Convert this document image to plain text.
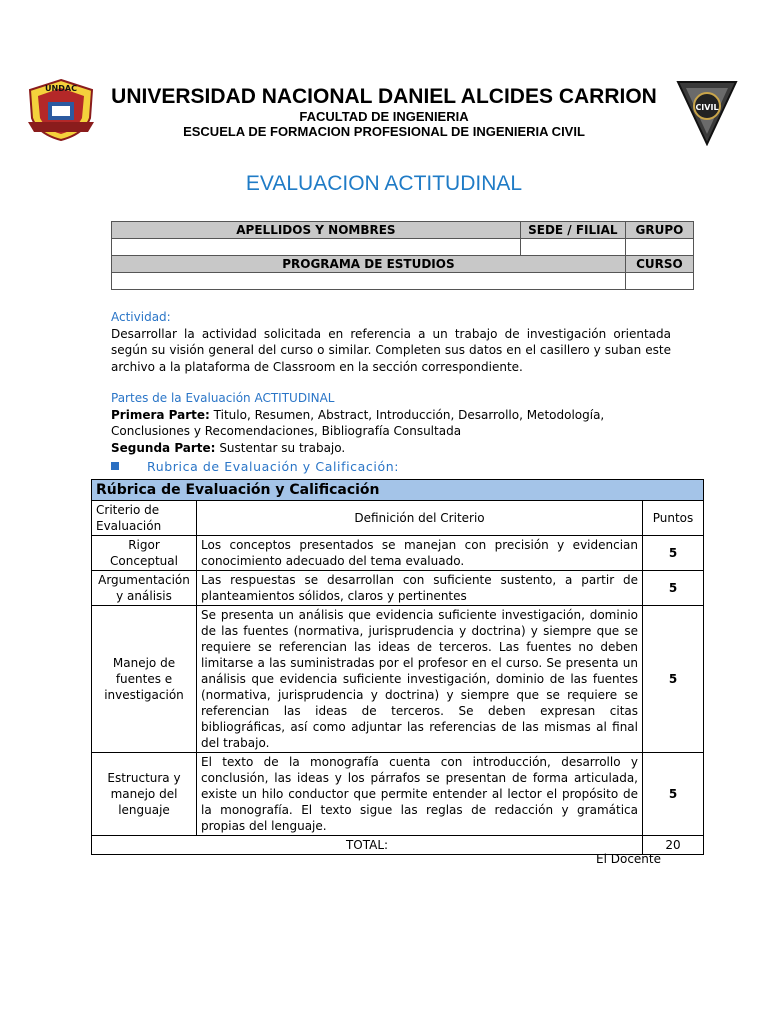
UNDAC
CIVIL
UNIVERSIDAD NACIONAL DANIEL ALCIDES CARRION
FACULTAD DE INGENIERIA
ESCUELA DE FORMACION PROFESIONAL DE INGENIERIA CIVIL
EVALUACION ACTITUDINAL
APELLIDOS Y NOMBRES	SEDE / FILIAL	GRUPO

PROGRAMA DE ESTUDIOS		CURSO

Actividad:
Desarrollar la actividad solicitada en referencia a un trabajo de investigación orientada según su visión general del curso o similar. Completen sus datos en el casillero y suban este archivo a la plataforma de Classroom en la sección correspondiente.
Partes de la Evaluación ACTITUDINAL
Primera Parte: Titulo, Resumen, Abstract, Introducción, Desarrollo, Metodología, Conclusiones y Recomendaciones, Bibliografía Consultada
Segunda Parte: Sustentar su trabajo.
Rubrica de Evaluación y Calificación:
Rúbrica de Evaluación y Calificación		
Criterio de Evaluación	Definición del Criterio	Puntos
Rigor Conceptual	Los conceptos presentados se manejan con precisión y evidencian conocimiento adecuado del tema evaluado.	5
Argumentación y análisis	Las respuestas se desarrollan con suficiente sustento, a partir de planteamientos sólidos, claros y pertinentes	5
Manejo de fuentes e investigación	Se presenta un análisis que evidencia suficiente investigación, dominio de las fuentes (normativa, jurisprudencia y doctrina) y siempre que se requiere se referencian las ideas de terceros. Las fuentes no deben limitarse a las suministradas por el profesor en el curso. Se presenta un análisis que evidencia suficiente investigación, dominio de las fuentes (normativa, jurisprudencia y doctrina) y siempre que se requiere se referencian las ideas de terceros. Se deben expresan citas bibliográficas, así como adjuntar las referencias de las mismas al final del trabajo.	5
Estructura y manejo del lenguaje	El texto de la monografía cuenta con introducción, desarrollo y conclusión, las ideas y los párrafos se presentan de forma articulada, existe un hilo conductor que permite entender al lector el propósito de la monografía. El texto sigue las reglas de redacción y gramática propias del lenguaje.	5
TOTAL:		20
El Docente
